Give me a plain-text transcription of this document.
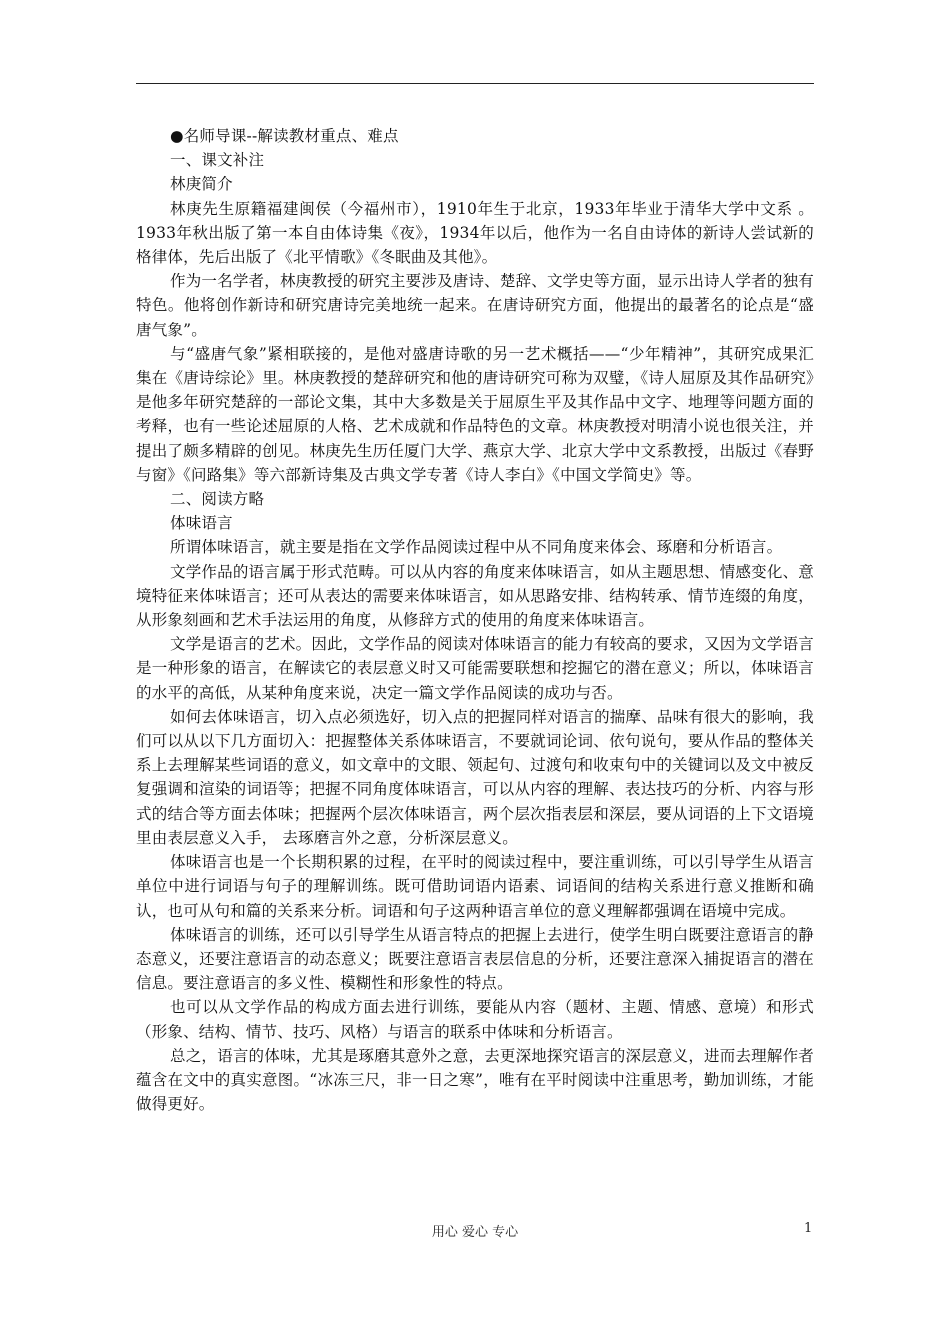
●名师导课--解读教材重点、难点

一、课文补注

林庚简介

林庚先生原籍福建闽侯（今福州市），1910年生于北京，1933年毕业于清华大学中文系 。1933年秋出版了第一本自由体诗集《夜》，1934年以后，他作为一名自由诗体的新诗人尝试新的格律体，先后出版了《北平情歌》《冬眠曲及其他》。

作为一名学者，林庚教授的研究主要涉及唐诗、楚辞、文学史等方面，显示出诗人学者的独有特色。他将创作新诗和研究唐诗完美地统一起来。在唐诗研究方面，他提出的最著名的论点是“盛唐气象”。

与“盛唐气象”紧相联接的，是他对盛唐诗歌的另一艺术概括——“少年精神”，其研究成果汇集在《唐诗综论》里。林庚教授的楚辞研究和他的唐诗研究可称为双璧，《诗人屈原及其作品研究》是他多年研究楚辞的一部论文集，其中大多数是关于屈原生平及其作品中文字、地理等问题方面的考释，也有一些论述屈原的人格、艺术成就和作品特色的文章。林庚教授对明清小说也很关注，并提出了颇多精辟的创见。林庚先生历任厦门大学、燕京大学、北京大学中文系教授，出版过《春野与窗》《问路集》等六部新诗集及古典文学专著《诗人李白》《中国文学简史》等。

二、阅读方略

体味语言

所谓体味语言，就主要是指在文学作品阅读过程中从不同角度来体会、琢磨和分析语言。

文学作品的语言属于形式范畴。可以从内容的角度来体味语言，如从主题思想、情感变化、意境特征来体味语言；还可从表达的需要来体味语言，如从思路安排、结构转承、情节连缀的角度，从形象刻画和艺术手法运用的角度，从修辞方式的使用的角度来体味语言。

文学是语言的艺术。因此，文学作品的阅读对体味语言的能力有较高的要求，又因为文学语言是一种形象的语言，在解读它的表层意义时又可能需要联想和挖掘它的潜在意义；所以，体味语言的水平的高低，从某种角度来说，决定一篇文学作品阅读的成功与否。

如何去体味语言，切入点必须选好，切入点的把握同样对语言的揣摩、品味有很大的影响，我们可以从以下几方面切入：把握整体关系体味语言，不要就词论词、依句说句，要从作品的整体关系上去理解某些词语的意义，如文章中的文眼、领起句、过渡句和收束句中的关键词以及文中被反复强调和渲染的词语等；把握不同角度体味语言，可以从内容的理解、表达技巧的分析、内容与形式的结合等方面去体味；把握两个层次体味语言，两个层次指表层和深层，要从词语的上下文语境里由表层意义入手， 去琢磨言外之意，分析深层意义。

体味语言也是一个长期积累的过程，在平时的阅读过程中，要注重训练，可以引导学生从语言单位中进行词语与句子的理解训练。既可借助词语内语素、词语间的结构关系进行意义推断和确认，也可从句和篇的关系来分析。词语和句子这两种语言单位的意义理解都强调在语境中完成。

体味语言的训练，还可以引导学生从语言特点的把握上去进行，使学生明白既要注意语言的静态意义，还要注意语言的动态意义；既要注意语言表层信息的分析，还要注意深入捕捉语言的潜在信息。要注意语言的多义性、模糊性和形象性的特点。

也可以从文学作品的构成方面去进行训练，要能从内容（题材、主题、情感、意境）和形式（形象、结构、情节、技巧、风格）与语言的联系中体味和分析语言。

总之，语言的体味，尤其是琢磨其意外之意，去更深地探究语言的深层意义，进而去理解作者蕴含在文中的真实意图。“冰冻三尺，非一日之寒”，唯有在平时阅读中注重思考，勤加训练，才能做得更好。

用心 爱心 专心	1
